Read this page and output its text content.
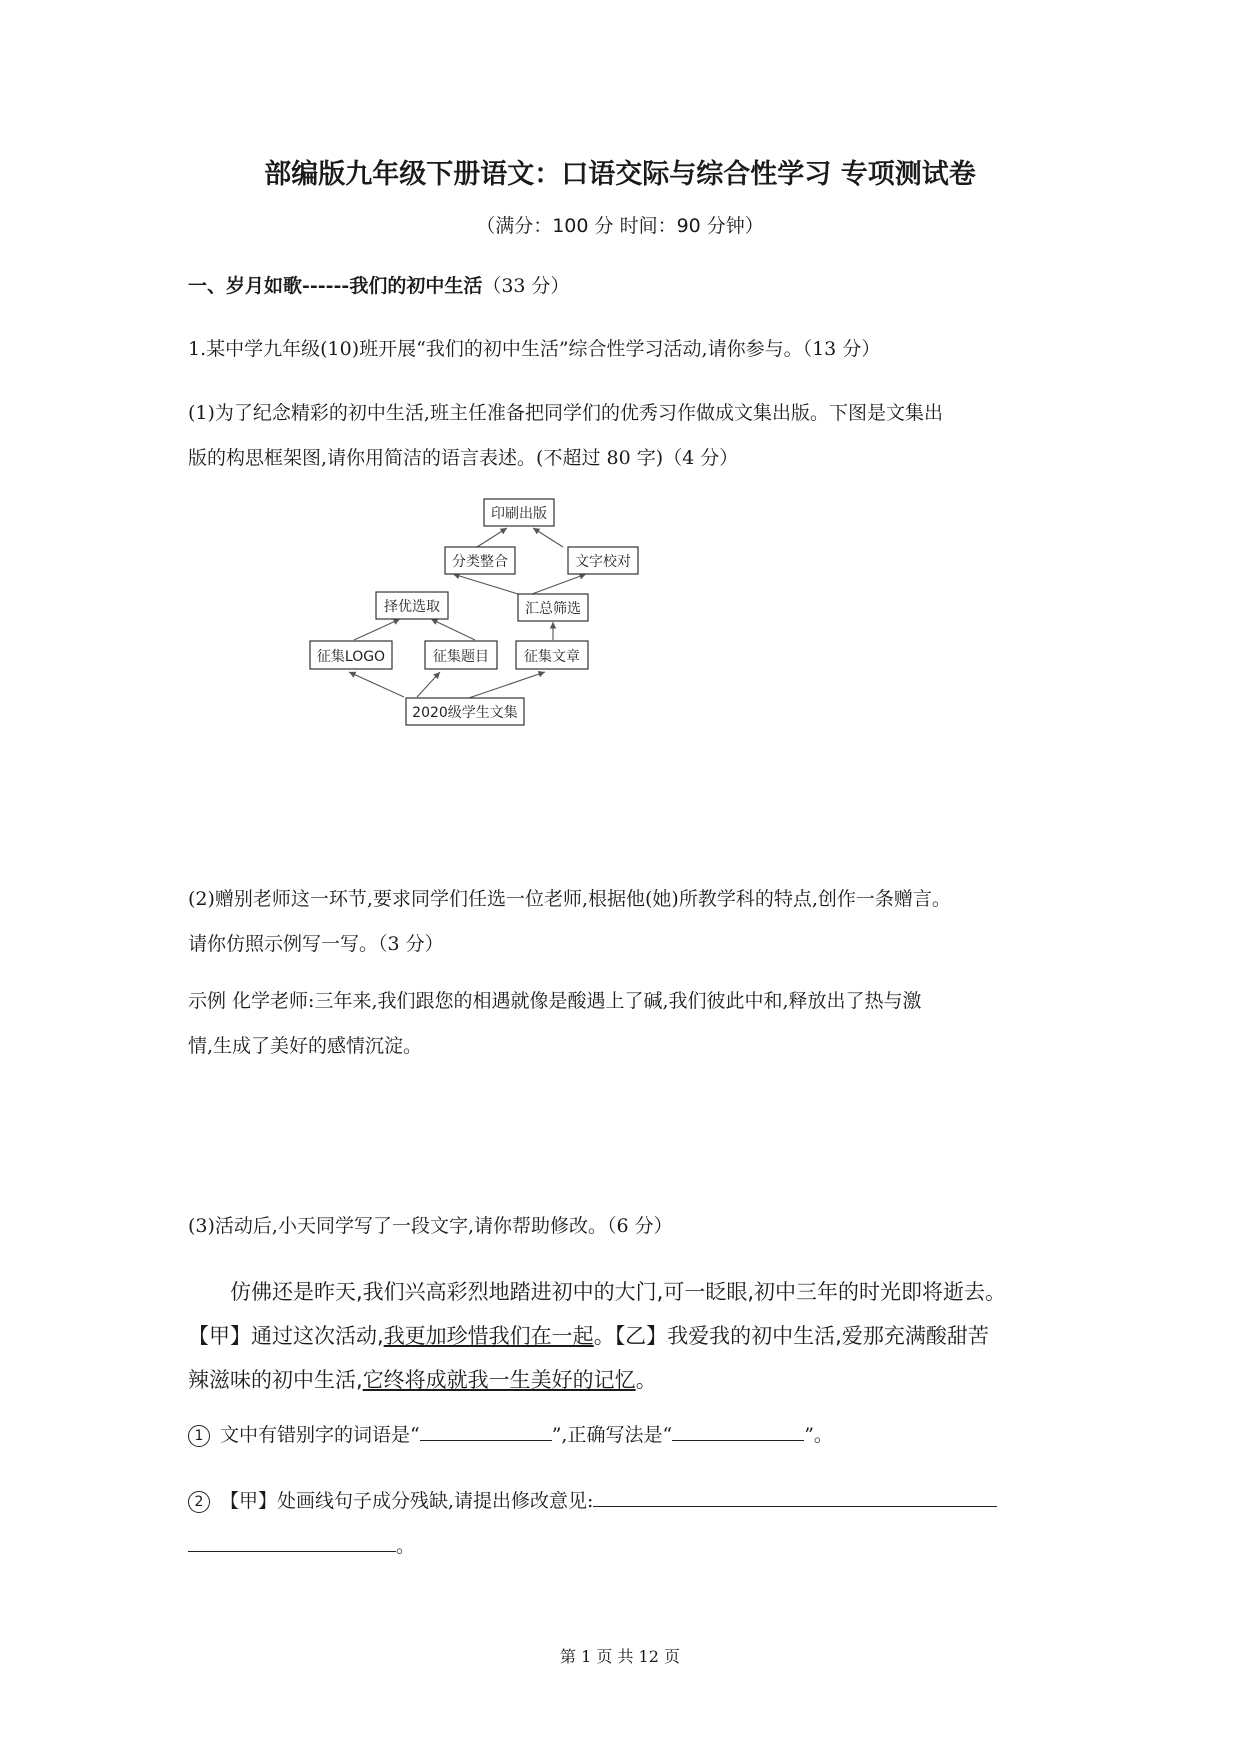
部编版九年级下册语文：口语交际与综合性学习 专项测试卷
（满分：100 分 时间：90 分钟）
一、岁月如歌------我们的初中生活（33 分）
1.某中学九年级(10)班开展“我们的初中生活”综合性学习活动,请你参与。（13 分）
(1)为了纪念精彩的初中生活,班主任准备把同学们的优秀习作做成文集出版。下图是文集出
版的构思框架图,请你用简洁的语言表述。(不超过 80 字)（4 分）
印刷出版
分类整合	文字校对
择优选取	汇总筛选
征集LOGO	征集题目	征集文章
2020级学生文集
(2)赠别老师这一环节,要求同学们任选一位老师,根据他(她)所教学科的特点,创作一条赠言。
请你仿照示例写一写。（3 分）
示例 化学老师:三年来,我们跟您的相遇就像是酸遇上了碱,我们彼此中和,释放出了热与激
情,生成了美好的感情沉淀。
(3)活动后,小天同学写了一段文字,请你帮助修改。（6 分）
仿佛还是昨天,我们兴高彩烈地踏进初中的大门,可一眨眼,初中三年的时光即将逝去。
【甲】通过这次活动,我更加珍惜我们在一起。【乙】我爱我的初中生活,爱那充满酸甜苦
辣滋味的初中生活,它终将成就我一生美好的记忆。
1 文中有错别字的词语是“	”,正确写法是“	”。
2 【甲】处画线句子成分残缺,请提出修改意见:
。
第 1 页 共 12 页
